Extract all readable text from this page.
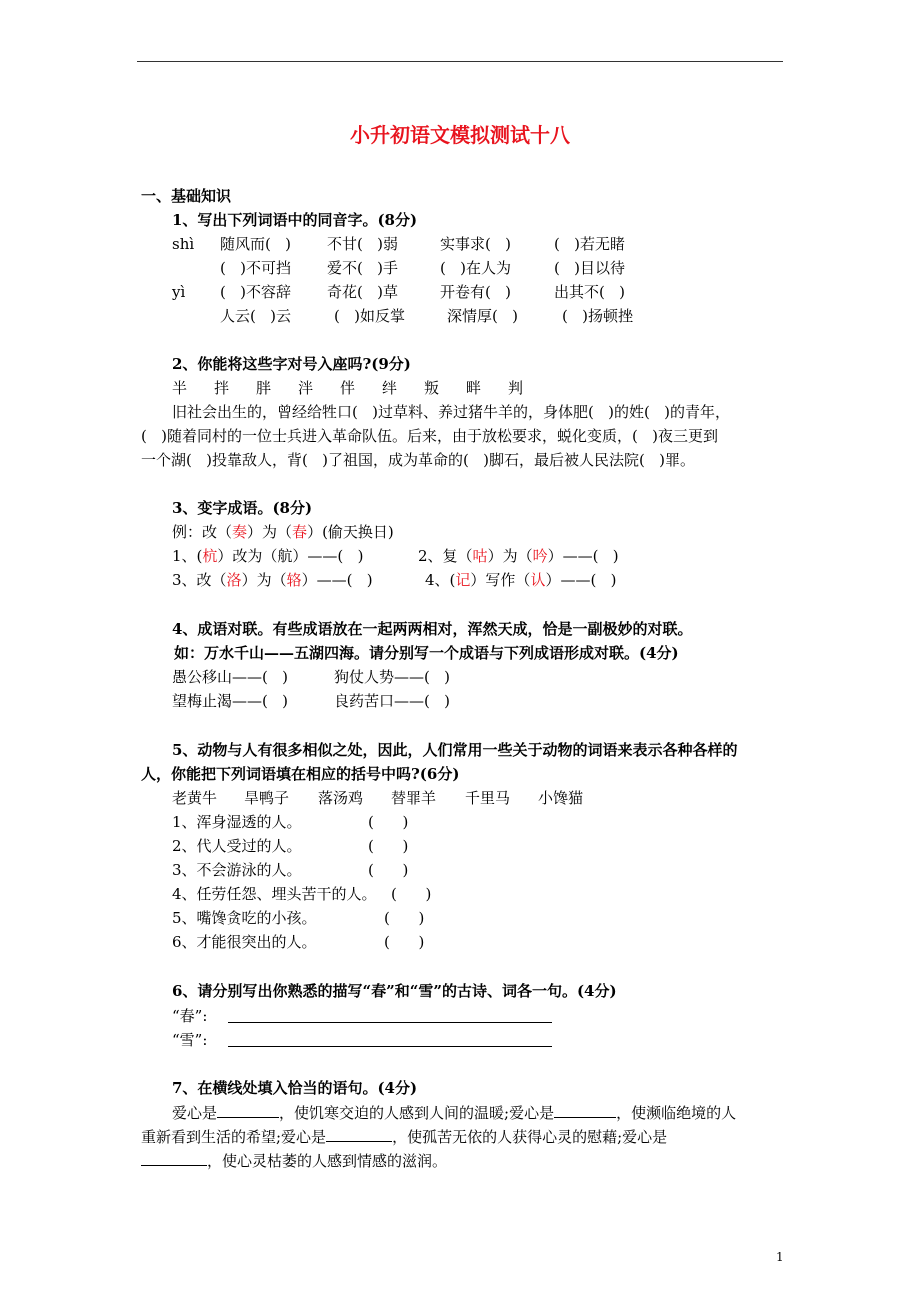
小升初语文模拟测试十八
一、基础知识
1、写出下列词语中的同音字。(8分)
shì 随风而(   ) 不甘(   )弱	实事求(   )	(   )若无睹
(   )不可挡 爱不(   )手	(   )在人为	(   )目以待
yì (   )不容辞 奇花(   )草	开卷有(   )	出其不(   )
人云(   )云	(   )如反掌	深情厚(   )	(   )扬顿挫
2、你能将这些字对号入座吗?(9分)
半 拌 胖 泮 伴 绊 叛 畔 判
旧社会出生的，曾经给牲口(   )过草料、养过猪牛羊的，身体肥(   )的姓(   )的青年，
(   )随着同村的一位士兵进入革命队伍。后来，由于放松要求，蜕化变质，(   )夜三更到
一个湖(   )投靠敌人，背(   )了祖国，成为革命的(   )脚石，最后被人民法院(   )罪。
3、变字成语。(8分)
例：改（奏）为（春）(偷天换日)
1、(杭）改为（航）——(   )	2、复（咕）为（吟）——(   )
3、改（洛）为（辂）——(   )	4、(记）写作（认）——(   )
4、成语对联。有些成语放在一起两两相对，浑然天成，恰是一副极妙的对联。
如：万水千山——五湖四海。请分别写一个成语与下列成语形成对联。(4分)
愚公移山——(   )	狗仗人势——(   )
望梅止渴——(   )	良药苦口——(   )
5、动物与人有很多相似之处，因此，人们常用一些关于动物的词语来表示各种各样的
人，你能把下列词语填在相应的括号中吗?(6分)
老黄牛 旱鸭子 落汤鸡 替罪羊 千里马 小馋猫
1、浑身湿透的人。	(      )
2、代人受过的人。	(      )
3、不会游泳的人。	(      )
4、任劳任怨、埋头苦干的人。 (      )
5、嘴馋贪吃的小孩。	(      )
6、才能很突出的人。	(      )
6、请分别写出你熟悉的描写“春”和“雪”的古诗、词各一句。(4分)
“春”:
“雪”:
7、在横线处填入恰当的语句。(4分)
爱心是	，使饥寒交迫的人感到人间的温暖;爱心是	，使濒临绝境的人
重新看到生活的希望;爱心是	，使孤苦无依的人获得心灵的慰藉;爱心是
，使心灵枯萎的人感到情感的滋润。
1
